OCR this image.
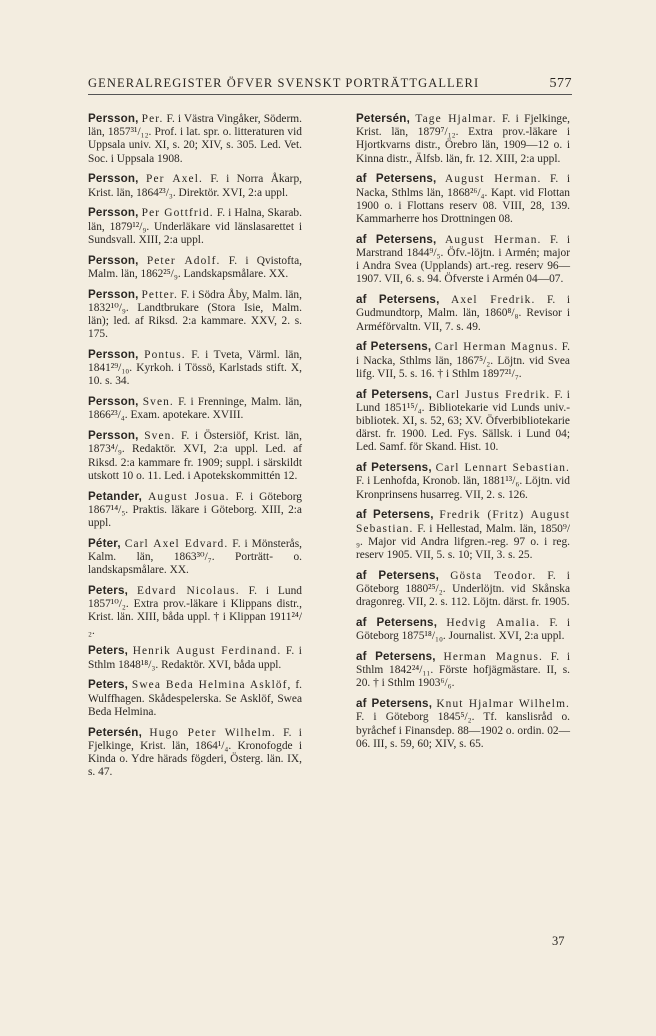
GENERALREGISTER ÖFVER SVENSKT PORTRÄTTGALLERI	577

Persson, Per. F. i Västra Vingåker, Söderm. län, 1857³¹/₁₂. Prof. i lat. spr. o. litteraturen vid Uppsala univ. XI, s. 20; XIV, s. 305. Led. Vet. Soc. i Uppsala 1908.

Persson, Per Axel. F. i Norra Åkarp, Krist. län, 1864²³/₃. Direktör. XVI, 2:a uppl.

Persson, Per Gottfrid. F. i Halna, Skarab. län, 1879¹²/₉. Underläkare vid länslasarettet i Sundsvall. XIII, 2:a uppl.

Persson, Peter Adolf. F. i Qvistofta, Malm. län, 1862²⁵/₉. Landskapsmålare. XX.

Persson, Petter. F. i Södra Åby, Malm. län, 1832¹⁰/₉. Landtbrukare (Stora Isie, Malm. län); led. af Riksd. 2:a kammare. XXV, 2. s. 175.

Persson, Pontus. F. i Tveta, Värml. län, 1841²⁹/₁₀. Kyrkoh. i Tössö, Karlstads stift. X, 10. s. 34.

Persson, Sven. F. i Frenninge, Malm. län, 1866²³/₄. Exam. apotekare. XVIII.

Persson, Sven. F. i Östersiöf, Krist. län, 1873⁴/₉. Redaktör. XVI, 2:a uppl. Led. af Riksd. 2:a kammare fr. 1909; suppl. i särskildt utskott 10 o. 11. Led. i Apotekskommittén 12.

Petander, August Josua. F. i Göteborg 1867¹⁴/₅. Praktis. läkare i Göteborg. XIII, 2:a uppl.

Péter, Carl Axel Edvard. F. i Mönsterås, Kalm. län, 1863³⁰/₇. Porträtt- o. landskapsmålare. XX.

Peters, Edvard Nicolaus. F. i Lund 1857¹⁰/₂. Extra prov.-läkare i Klippans distr., Krist. län. XIII, båda uppl. † i Klippan 1911²⁴/₂.

Peters, Henrik August Ferdinand. F. i Sthlm 1848¹⁸/₃. Redaktör. XVI, båda uppl.

Peters, Swea Beda Helmina Asklöf, f. Wulffhagen. Skådespelerska. Se Asklöf, Swea Beda Helmina.

Petersén, Hugo Peter Wilhelm. F. i Fjelkinge, Krist. län, 1864¹/₄. Kronofogde i Kinda o. Ydre härads fögderi, Österg. län. IX, s. 47.

Petersén, Tage Hjalmar. F. i Fjelkinge, Krist. län, 1879⁷/₁₂. Extra prov.-läkare i Hjortkvarns distr., Örebro län, 1909—12 o. i Kinna distr., Älfsb. län, fr. 12. XIII, 2:a uppl.

af Petersens, August Herman. F. i Nacka, Sthlms län, 1868²⁶/₄. Kapt. vid Flottan 1900 o. i Flottans reserv 08. VIII, 28, 139. Kammarherre hos Drottningen 08.

af Petersens, August Herman. F. i Marstrand 1844⁹/₅. Öfv.-löjtn. i Armén; major i Andra Svea (Upplands) art.-reg. reserv 96—1907. VII, 6. s. 94. Öfverste i Armén 04—07.

af Petersens, Axel Fredrik. F. i Gudmundtorp, Malm. län, 1860⁸/₈. Revisor i Arméförvaltn. VII, 7. s. 49.

af Petersens, Carl Herman Magnus. F. i Nacka, Sthlms län, 1867⁵/₂. Löjtn. vid Svea lifg. VII, 5. s. 16. † i Sthlm 1897²¹/₇.

af Petersens, Carl Justus Fredrik. F. i Lund 1851¹⁵/₄. Bibliotekarie vid Lunds univ.-bibliotek. XI, s. 52, 63; XV. Öfverbibliotekarie därst. fr. 1900. Led. Fys. Sällsk. i Lund 04; Led. Samf. för Skand. Hist. 10.

af Petersens, Carl Lennart Sebastian. F. i Lenhofda, Kronob. län, 1881¹³/₆. Löjtn. vid Kronprinsens husarreg. VII, 2. s. 126.

af Petersens, Fredrik (Fritz) August Sebastian. F. i Hellestad, Malm. län, 1850⁹/₉. Major vid Andra lifgren.-reg. 97 o. i reg. reserv 1905. VII, 5. s. 10; VII, 3. s. 25.

af Petersens, Gösta Teodor. F. i Göteborg 1880²⁵/₂. Underlöjtn. vid Skånska dragonreg. VII, 2. s. 112. Löjtn. därst. fr. 1905.

af Petersens, Hedvig Amalia. F. i Göteborg 1875¹⁸/₁₀. Journalist. XVI, 2:a uppl.

af Petersens, Herman Magnus. F. i Sthlm 1842²⁴/₁₁. Förste hofjägmästare. II, s. 20. † i Sthlm 1903⁶/₆.

af Petersens, Knut Hjalmar Wilhelm. F. i Göteborg 1845⁵/₂. Tf. kanslisråd o. byråchef i Finansdep. 88—1902 o. ordin. 02—06. III, s. 59, 60; XIV, s. 65.

37
